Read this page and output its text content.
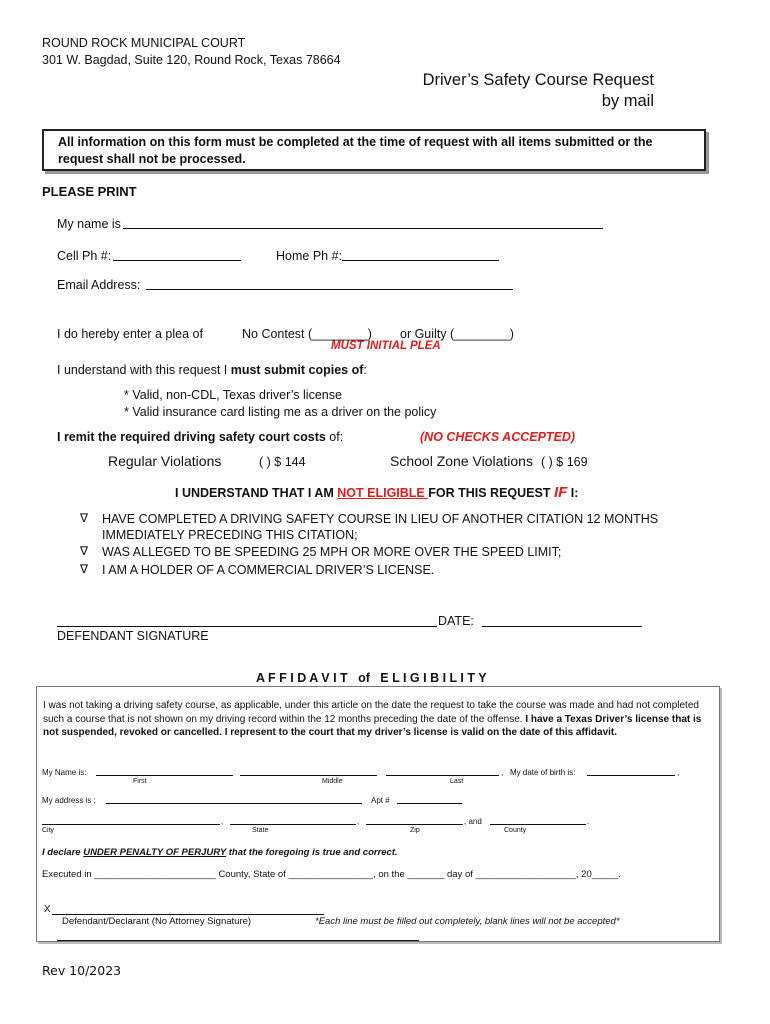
ROUND ROCK MUNICIPAL COURT
301 W. Bagdad, Suite 120, Round Rock, Texas 78664
Driver’s Safety Course Request
by mail
All information on this form must be completed at the time of request with all items submitted or the request shall not be processed.
PLEASE PRINT
My name is
Cell Ph #:	Home Ph #:
Email Address:
I do hereby enter a plea of	No Contest (________) or Guilty (________)
MUST INITIAL PLEA
I understand with this request I must submit copies of:
* Valid, non-CDL, Texas driver’s license
* Valid insurance card listing me as a driver on the policy
I remit the required driving safety court costs of:	(NO CHECKS ACCEPTED)
Regular Violations	( ) $ 144	School Zone Violations ( ) $ 169
I UNDERSTAND THAT I AM NOT ELIGIBLE FOR THIS REQUEST IF I:
∇ HAVE COMPLETED A DRIVING SAFETY COURSE IN LIEU OF ANOTHER CITATION 12 MONTHS
IMMEDIATELY PRECEDING THIS CITATION;
∇ WAS ALLEGED TO BE SPEEDING 25 MPH OR MORE OVER THE SPEED LIMIT;
∇ I AM A HOLDER OF A COMMERCIAL DRIVER’S LICENSE.
DATE:
DEFENDANT SIGNATURE
A F F I D A V I T   of   E L I G I B I L I T Y
I was not taking a driving safety course, as applicable, under this article on the date the request to take the course was made and had not completed such a course that is not shown on my driving record within the 12 months preceding the date of the offense. I have a Texas Driver’s license that is not suspended, revoked or cancelled. I represent to the court that my driver’s license is valid on the date of this affidavit.
My Name is:	, My date of birth is:	,
First	Middle	Last
My address is :	Apt #
,	,	, and	.
City	State	Zip	County
I declare UNDER PENALTY OF PERJURY that the foregoing is true and correct.
Executed in _______________________ County, State of ________________, on the _______ day of ___________________, 20_____.
X
Defendant/Declarant (No Attorney Signature)	*Each line must be filled out completely, blank lines will not be accepted*
Rev 10/2023
